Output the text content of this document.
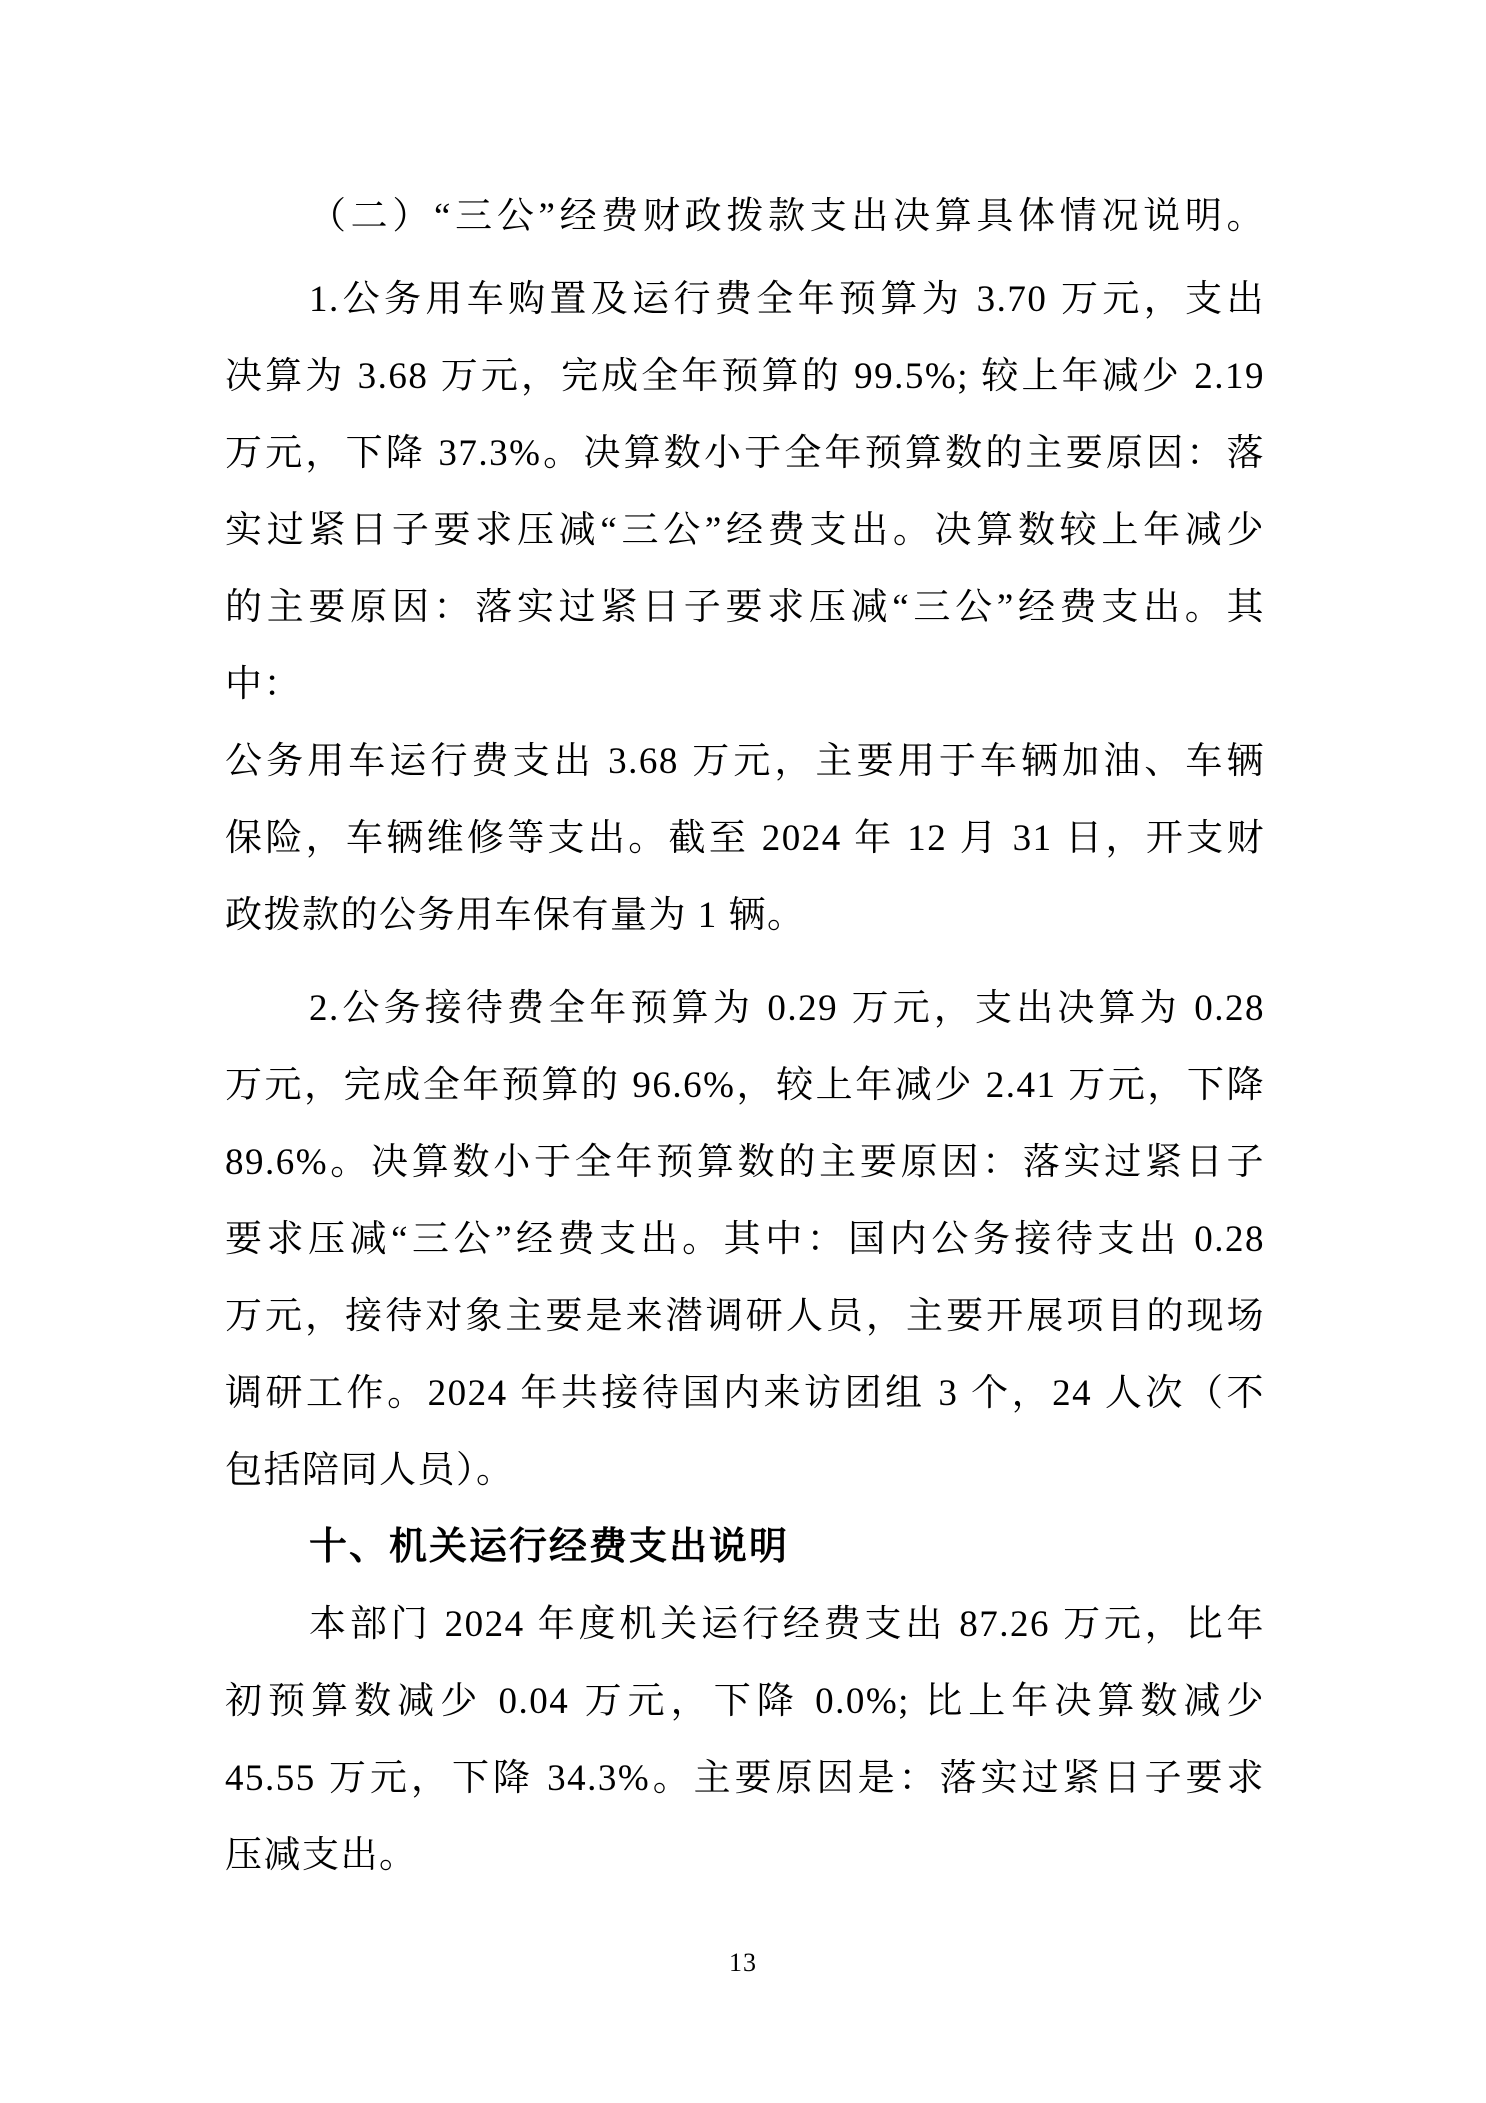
（二）“三公”经费财政拨款支出决算具体情况说明。
1.公务用车购置及运行费全年预算为 3.70 万元，支出
决算为 3.68 万元，完成全年预算的 99.5%; 较上年减少 2.19
万元，下降 37.3%。决算数小于全年预算数的主要原因：落
实过紧日子要求压减“三公”经费支出。决算数较上年减少
的主要原因：落实过紧日子要求压减“三公”经费支出。其
中：
公务用车运行费支出 3.68 万元，主要用于车辆加油、车辆
保险，车辆维修等支出。截至 2024 年 12 月 31 日，开支财
政拨款的公务用车保有量为 1 辆。
2.公务接待费全年预算为 0.29 万元，支出决算为 0.28
万元，完成全年预算的 96.6%，较上年减少 2.41 万元，下降
89.6%。决算数小于全年预算数的主要原因：落实过紧日子
要求压减“三公”经费支出。其中：国内公务接待支出 0.28
万元，接待对象主要是来潜调研人员，主要开展项目的现场
调研工作。2024 年共接待国内来访团组 3 个，24 人次（不
包括陪同人员）。
十、机关运行经费支出说明
本部门 2024 年度机关运行经费支出 87.26 万元，比年
初预算数减少 0.04 万元，下降 0.0%; 比上年决算数减少
45.55 万元，下降 34.3%。主要原因是：落实过紧日子要求
压减支出。
13
